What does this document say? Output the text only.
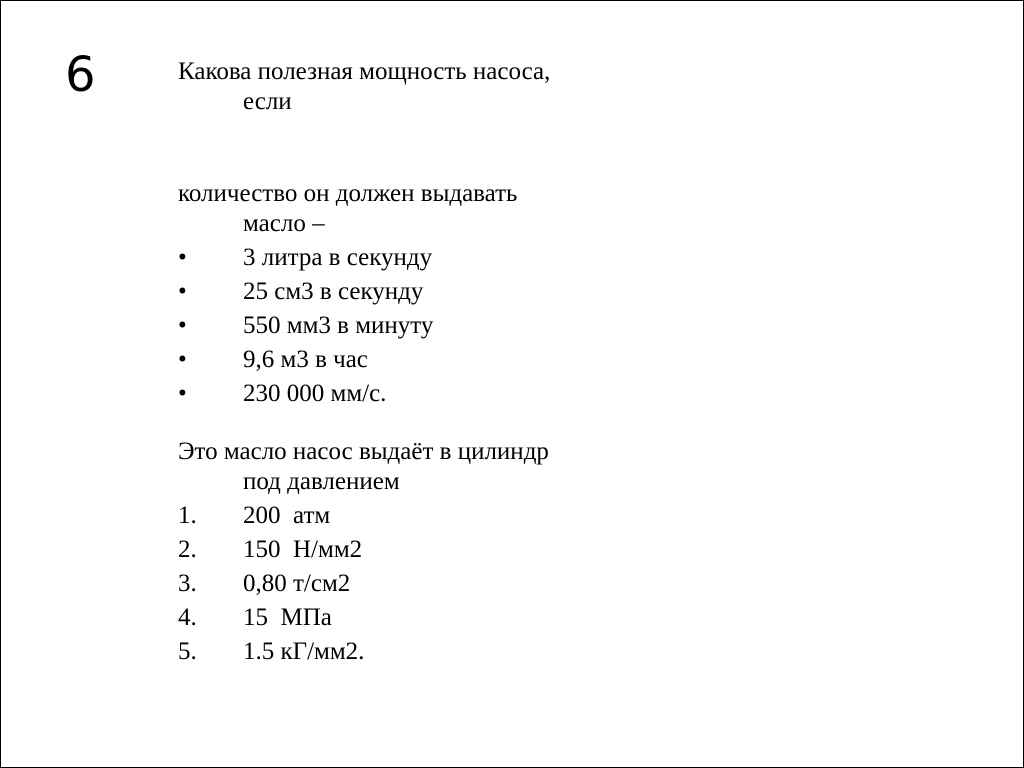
6	Какова полезная мощность насоса,
если

количество он должен выдавать
масло –

•	3 литра в секунду
•	25 см3 в секунду
•	550 мм3 в минуту
•	9,6 м3 в час
•	230 000 мм/с.

Это масло насос выдаёт в цилиндр
под давлением

1.	200  атм
2.	150  Н/мм2
3.	0,80 т/см2
4.	15  МПа
5.	1.5 кГ/мм2.
